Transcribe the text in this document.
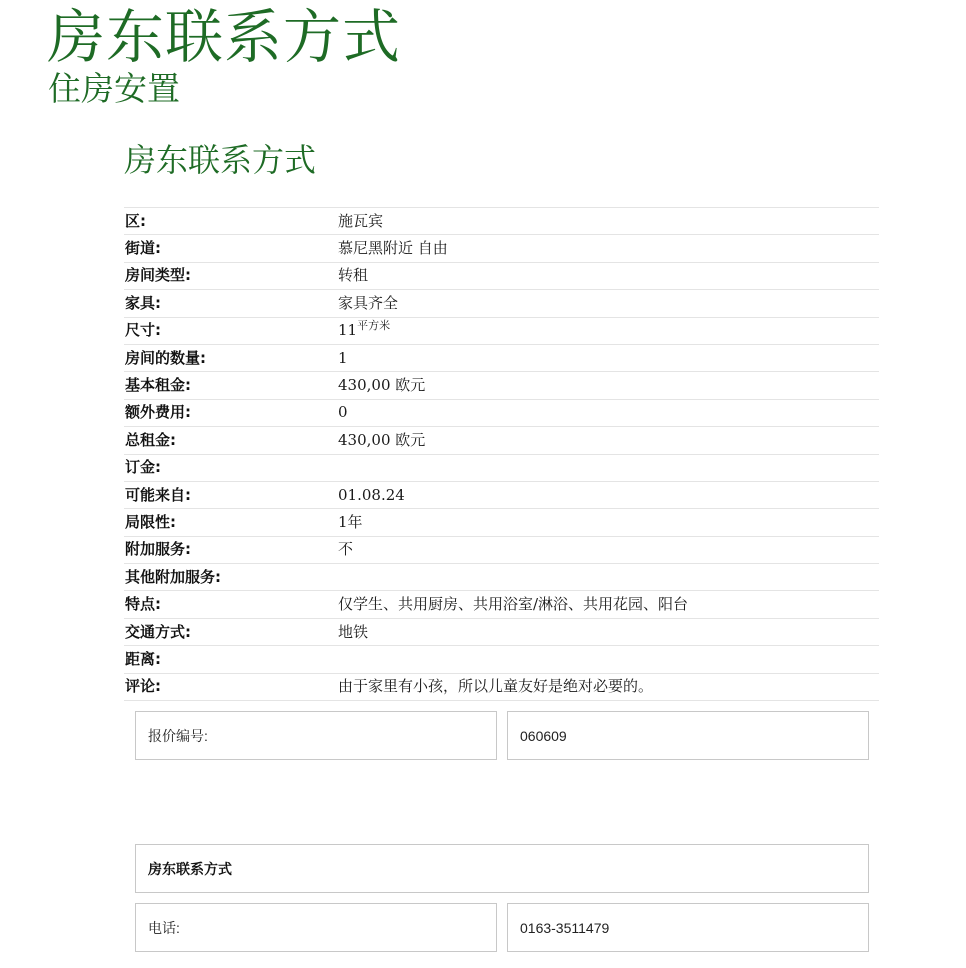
房东联系方式
住房安置
房东联系方式
区:	施瓦宾
街道:	慕尼黑附近 自由
房间类型:	转租
家具:	家具齐全
尺寸:	$11^{平方米}$
房间的数量:	1
基本租金:	430,00 欧元
额外费用:	0
总租金:	430,00 欧元
订金:	
可能来自:	01.08.24
局限性:	1年
附加服务:	不
其他附加服务:	
特点:	仅学生、共用厨房、共用浴室/淋浴、共用花园、阳台
交通方式:	地铁
距离:	
评论:	由于家里有小孩，所以儿童友好是绝对必要的。
报价编号:	060609
房东联系方式
电话:	0163-3511479
